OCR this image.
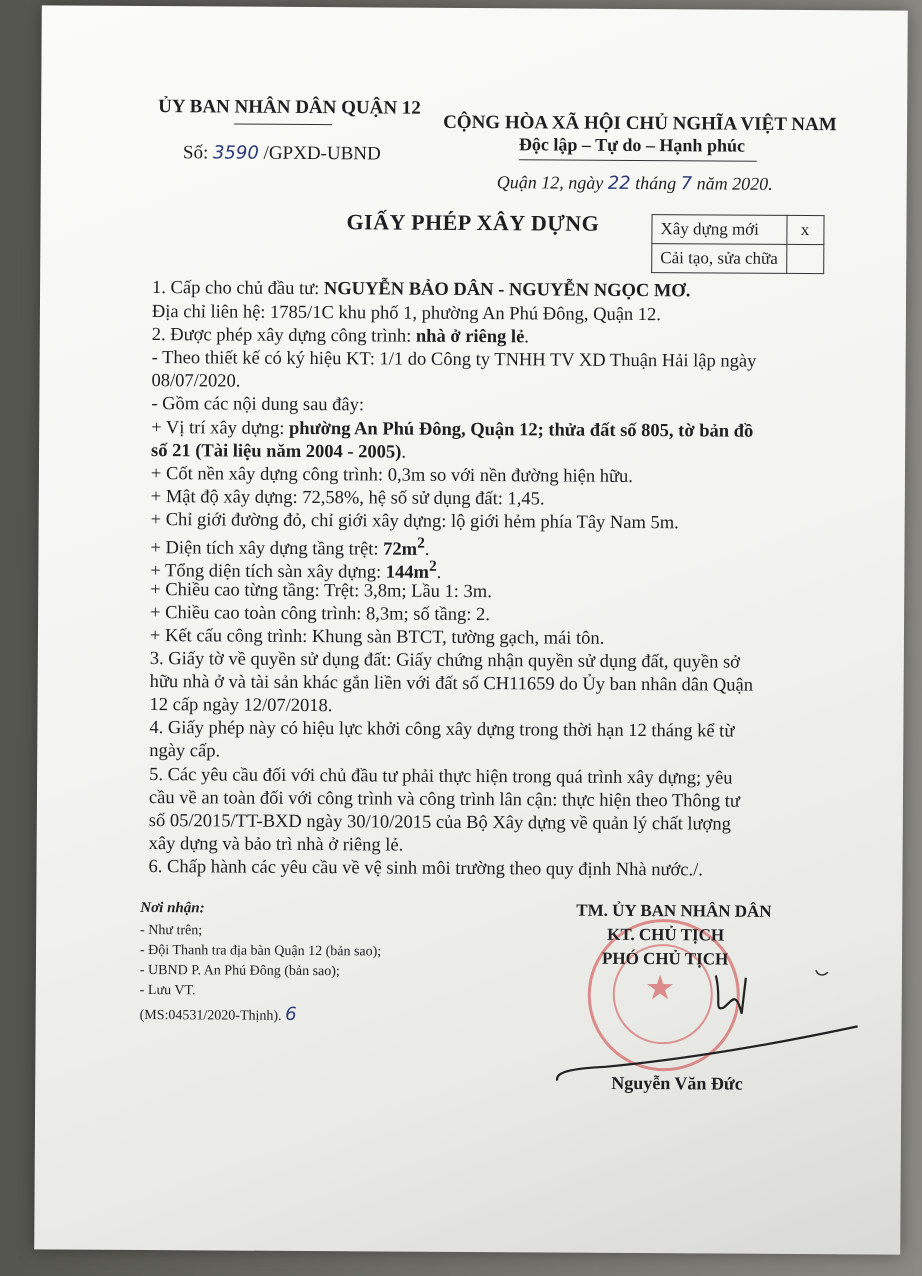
ỦY BAN NHÂN DÂN QUẬN 12
Số: 3590 /GPXD-UBND
CỘNG HÒA XÃ HỘI CHỦ NGHĨA VIỆT NAM
Độc lập – Tự do – Hạnh phúc
Quận 12, ngày 22 tháng 7 năm 2020.
GIẤY PHÉP XÂY DỰNG	Xây dựng mới	x
Cải tạo, sửa chữa	
1. Cấp cho chủ đầu tư: NGUYỄN BẢO DÂN - NGUYỄN NGỌC MƠ.
Địa chỉ liên hệ: 1785/1C khu phố 1, phường An Phú Đông, Quận 12.
2. Được phép xây dựng công trình: nhà ở riêng lẻ.
- Theo thiết kế có ký hiệu KT: 1/1 do Công ty TNHH TV XD Thuận Hải lập ngày
08/07/2020.
- Gồm các nội dung sau đây:
+ Vị trí xây dựng: phường An Phú Đông, Quận 12; thửa đất số 805, tờ bản đồ
số 21 (Tài liệu năm 2004 - 2005).
+ Cốt nền xây dựng công trình: 0,3m so với nền đường hiện hữu.
+ Mật độ xây dựng: 72,58%, hệ số sử dụng đất: 1,45.
+ Chỉ giới đường đỏ, chỉ giới xây dựng: lộ giới hẻm phía Tây Nam 5m.
+ Diện tích xây dựng tầng trệt: $72m^2$.
+ Tổng diện tích sàn xây dựng: $144m^2$.
+ Chiều cao từng tầng: Trệt: 3,8m; Lầu 1: 3m.
+ Chiều cao toàn công trình: 8,3m; số tầng: 2.
+ Kết cấu công trình: Khung sàn BTCT, tường gạch, mái tôn.
3. Giấy tờ về quyền sử dụng đất: Giấy chứng nhận quyền sử dụng đất, quyền sở
hữu nhà ở và tài sản khác gắn liền với đất số CH11659 do Ủy ban nhân dân Quận
12 cấp ngày 12/07/2018.
4. Giấy phép này có hiệu lực khởi công xây dựng trong thời hạn 12 tháng kể từ
ngày cấp.
5. Các yêu cầu đối với chủ đầu tư phải thực hiện trong quá trình xây dựng; yêu
cầu về an toàn đối với công trình và công trình lân cận: thực hiện theo Thông tư
số 05/2015/TT-BXD ngày 30/10/2015 của Bộ Xây dựng về quản lý chất lượng
xây dựng và bảo trì nhà ở riêng lẻ.
6. Chấp hành các yêu cầu về vệ sinh môi trường theo quy định Nhà nước./.
Nơi nhận:
- Như trên;
- Đội Thanh tra địa bàn Quận 12 (bản sao);
- UBND P. An Phú Đông (bản sao);
- Lưu VT.
(MS:04531/2020-Thịnh). 6
★
TM. ỦY BAN NHÂN DÂN
KT. CHỦ TỊCH
PHÓ CHỦ TỊCH
Nguyễn Văn Đức
